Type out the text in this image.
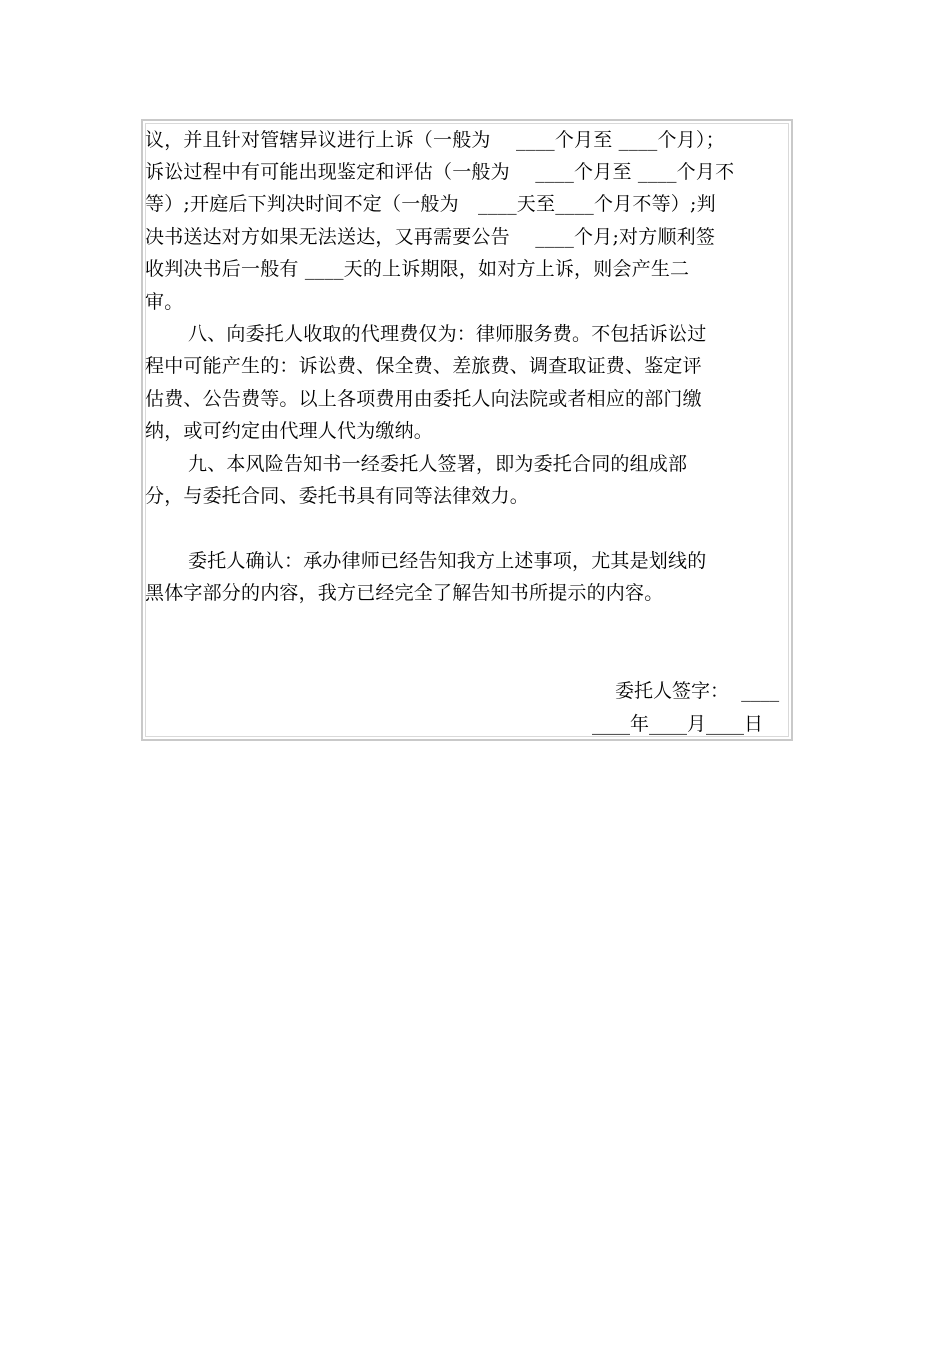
议，并且针对管辖异议进行上诉（一般为　 ____个月至 ____个月）；
诉讼过程中有可能出现鉴定和评估（一般为　 ____个月至 ____个月不
等）;开庭后下判决时间不定（一般为　____天至____个月不等）;判
决书送达对方如果无法送达，又再需要公告　 ____个月;对方顺利签
收判决书后一般有 ____天的上诉期限，如对方上诉，则会产生二
审。
八、向委托人收取的代理费仅为：律师服务费。不包括诉讼过
程中可能产生的：诉讼费、保全费、差旅费、调查取证费、鉴定评
估费、公告费等。以上各项费用由委托人向法院或者相应的部门缴
纳，或可约定由代理人代为缴纳。
九、本风险告知书一经委托人签署，即为委托合同的组成部
分，与委托合同、委托书具有同等法律效力。
委托人确认：承办律师已经告知我方上述事项，尤其是划线的
黑体字部分的内容，我方已经完全了解告知书所提示的内容。
委托人签字：  ____
____年____月____日
